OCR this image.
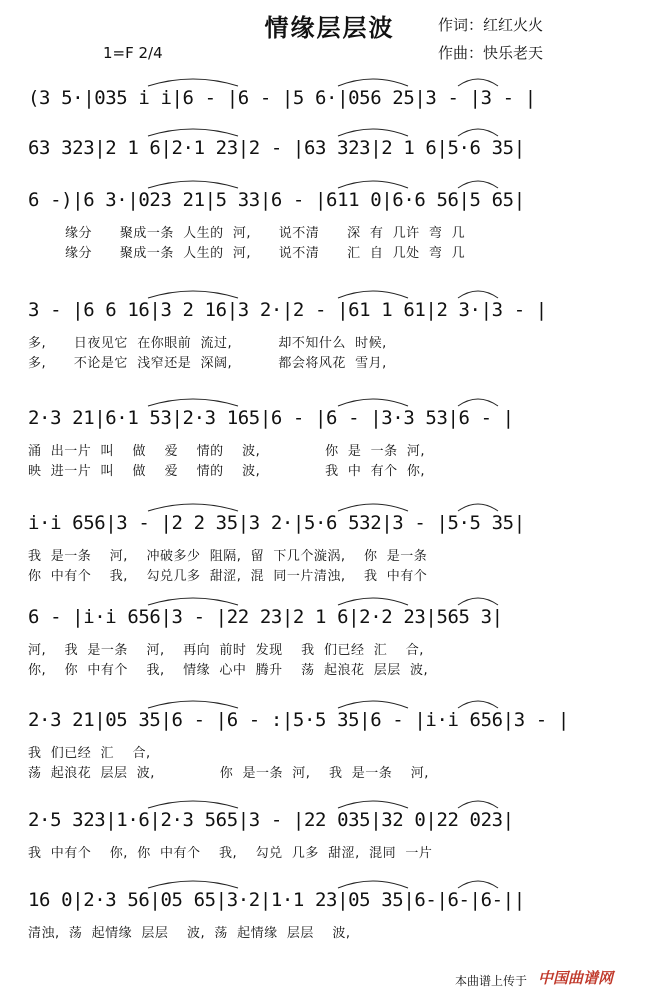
情缘层层波
1=F 2/4
作词：红红火火
作曲：快乐老天
(3 5·|035 i i|6 - |6 - |5 6·|056 25|3 - |3 - |
63 323|2 1 6|2·1 23|2 - |63 323|2 1 6|5·6 35|
6 -)|6 3·|023 21|5 33|6 - |611 0|6·6 56|5 65|
缘分      聚成一条  人生的  河,      说不清      深  有  几许  弯  几
缘分      聚成一条  人生的  河,      说不清      汇  自  几处  弯  几
3 - |6 6 16|3 2 16|3 2·|2 - |61 1 61|2 3·|3 - |
多,      日夜见它  在你眼前  流过,          却不知什么  时候,
多,      不论是它  浅窄还是  深阔,          都会将风花  雪月,
2·3 21|6·1 53|2·3 165|6 - |6 - |3·3 53|6 - |
涌  出一片  叫    做    爱    情的    波,              你  是  一条  河,
映  进一片  叫    做    爱    情的    波,              我  中  有个  你,
i·i 656|3 - |2 2 35|3 2·|5·6 532|3 - |5·5 35|
我  是一条    河,    冲破多少  阻隔,  留  下几个漩涡,    你  是一条
你  中有个    我,    勾兑几多  甜涩,  混  同一片清浊,    我  中有个
6 - |i·i 656|3 - |22 23|2 1 6|2·2 23|565 3|
河,    我  是一条    河,    再向  前时  发现    我  们已经  汇    合,
你,    你  中有个    我,    情缘  心中  腾升    荡  起浪花  层层  波,
2·3 21|05 35|6 - |6 - :|5·5 35|6 - |i·i 656|3 - |
我  们已经  汇    合,
荡  起浪花  层层  波,              你  是一条  河,    我  是一条    河,
2·5 323|1·6|2·3 565|3 - |22 035|32 0|22 023|
我  中有个    你,  你  中有个    我,    勾兑  几多  甜涩,  混同  一片
16 0|2·3 56|05 65|3·2|1·1 23|05 35|6-|6-|6-||
清浊,  荡  起情缘  层层    波,  荡  起情缘  层层    波,
本曲谱上传于 中国曲谱网
